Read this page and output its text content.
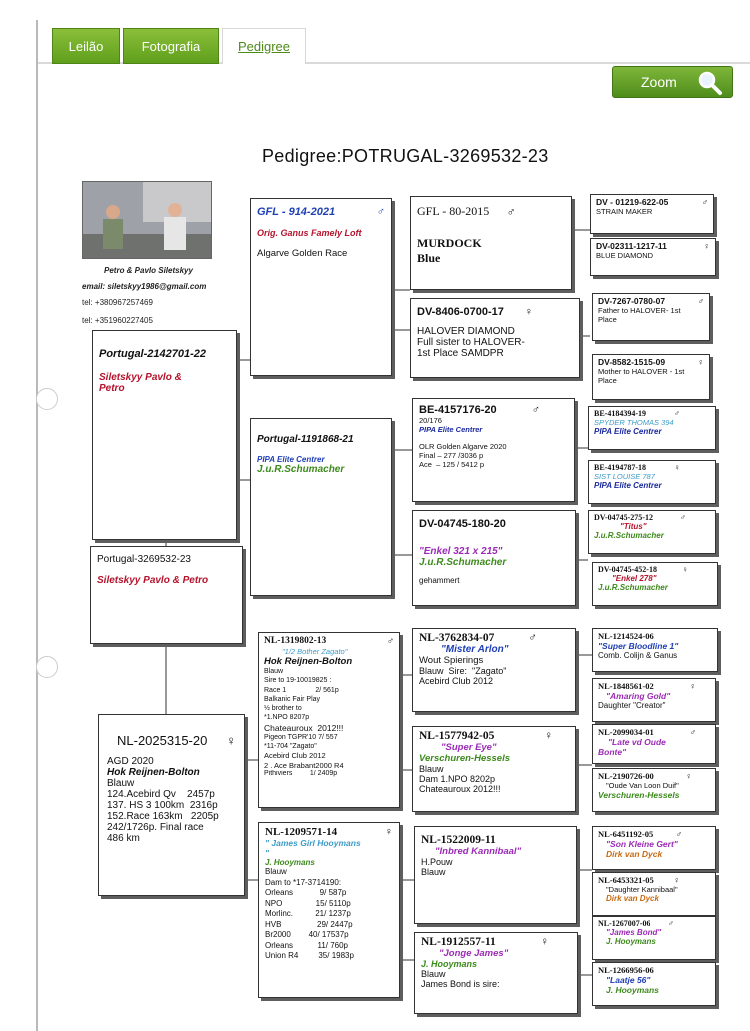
Leilão	Fotografia	Pedigree
Zoom
Pedigree:POTRUGAL-3269532-23
Petro & Pavlo Siletskyy
email: siletskyy1986@gmail.com
tel: +380967257469
tel: +351960227405
Portugal-3269532-23
Siletskyy Pavlo & Petro
Portugal-2142701-22
Siletskyy Pavlo &
Petro
NL-2025315-20 ♀
AGD 2020
Hok Reijnen-Bolton
Blauw
124.Acebird Qv    2457p
137. HS 3 100km  2316p
152.Race 163km   2205p
242/1726p. Final race
486 km
GFL - 914-2021	♂
Orig. Ganus Famely Loft
Algarve Golden Race
Portugal-1191868-21
PIPA Elite Centrer
J.u.R.Schumacher
NL-1319802-13	♂
"1/2 Bother Zagato"
Hok Reijnen-Bolton
Blauw
Sire to 19-10019825 :
Race 1               2/ 561p
Balkanic Fair Play
½ brother to
*1.NPO 8207p
Chateauroux  2012!!!
Pigeon TGPR'10 7/ 557
*11-704 "Zagato"
Acebird Club 2012
2 . Ace Brabant2000 R4
Pithiviers         1/ 2409p
NL-1209571-14	♀
" James Girl Hooymans
"
J. Hooymans
Blauw
Dam to *17-3714190:
Orleans            9/ 587p
NPO               15/ 5110p
Morlinc.          21/ 1237p
HVB                29/ 2447p
Br2000        40/ 17537p
Orleans           11/ 760p
Union R4         35/ 1983p
GFL - 80-2015 ♂
MURDOCK
Blue
DV-8406-0700-17 ♀
HALOVER DIAMOND
Full sister to HALOVER-
1st Place SAMDPR
BE-4157176-20	♂
20/176
PIPA Elite Centrer
OLR Golden Algarve 2020
Final – 277 /3036 p
Ace  – 125 / 5412 p
DV-04745-180-20
"Enkel 321 x 215"
J.u.R.Schumacher
gehammert
NL-3762834-07	♂
"Mister Arlon"
Wout Spierings
Blauw  Sire:  "Zagato"
Acebird Club 2012
NL-1577942-05	♀
"Super Eye"
Verschuren-Hessels
Blauw
Dam 1.NPO 8202p
Chateauroux 2012!!!
NL-1522009-11
"Inbred Kannibaal"
H.Pouw
Blauw
NL-1912557-11	♀
"Jonge James"
J. Hooymans
Blauw
James Bond is sire:
DV - 01219-622-05	♂
STRAIN MAKER
DV-02311-1217-11	♀
BLUE DIAMOND
DV-7267-0780-07	♂
Father to HALOVER- 1st
Place
DV-8582-1515-09	♀
Mother to HALOVER - 1st
Place
BE-4184394-19	♂
SPYDER THOMAS 394
PIPA Elite Centrer
BE-4194787-18	♀
SIST LOUISE 787
PIPA Elite Centrer
DV-04745-275-12	♂
"Titus"
J.u.R.Schumacher
DV-04745-452-18	♀
"Enkel 278"
J.u.R.Schumacher
NL-1214524-06
"Super Bloodline 1"
Comb. Colijn & Ganus
NL-1848561-02	♀
"Amaring Gold"
Daughter "Creator"
NL-2099034-01	♂
"Late vd Oude
Bonte"
NL-2190726-00	♀
"Oude Van Loon Duif"
Verschuren-Hessels
NL-6451192-05	♂
"Son Kleine Gert"
Dirk van Dyck
NL-6453321-05 ♀
"Daughter Kannibaal"
Dirk van Dyck
NL-1267007-06 ♂
"James Bond"
J. Hooymans
NL-1266956-06
"Laatje 56"
J. Hooymans
